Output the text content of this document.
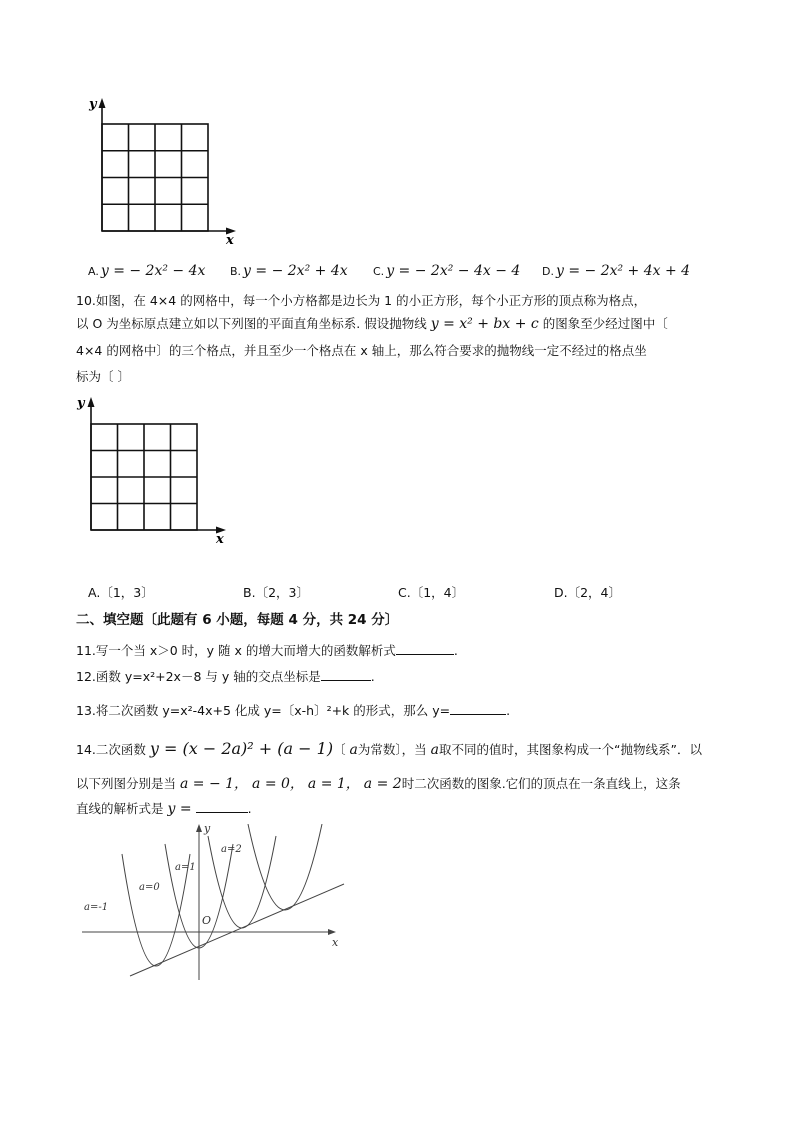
y
x
A. y = − 2x² − 4x B. y = − 2x² + 4x C. y = − 2x² − 4x − 4 D. y = − 2x² + 4x + 4
10.如图，在 4×4 的网格中，每一个小方格都是边长为 1 的小正方形，每个小正方形的顶点称为格点，
以 O 为坐标原点建立如以下列图的平面直角坐标系. 假设抛物线 y = x² + bx + c 的图象至少经过图中〔
4×4 的网格中〕的三个格点，并且至少一个格点在 x 轴上，那么符合要求的抛物线一定不经过的格点坐
标为〔 〕
y
x
A.〔1，3〕	B.〔2，3〕	C.〔1，4〕	D.〔2，4〕
二、填空题〔此题有 6 小题，每题 4 分，共 24 分〕
11.写一个当 x＞0 时，y 随 x 的增大而增大的函数解析式	.
12.函数 y=x²+2x－8 与 y 轴的交点坐标是	.
13.将二次函数 y=x²-4x+5 化成 y=〔x-h〕²+k 的形式，那么 y=	.
14.二次函数 y = (x − 2a)² + (a − 1)〔 a为常数〕，当 a取不同的值时，其图象构成一个“抛物线系”．以
以下列图分别是当 a = − 1， a = 0， a = 1， a = 2时二次函数的图象.它们的顶点在一条直线上，这条
直线的解析式是 y =	.
a=-1
a=0
a=1
a=2
O
x
y
